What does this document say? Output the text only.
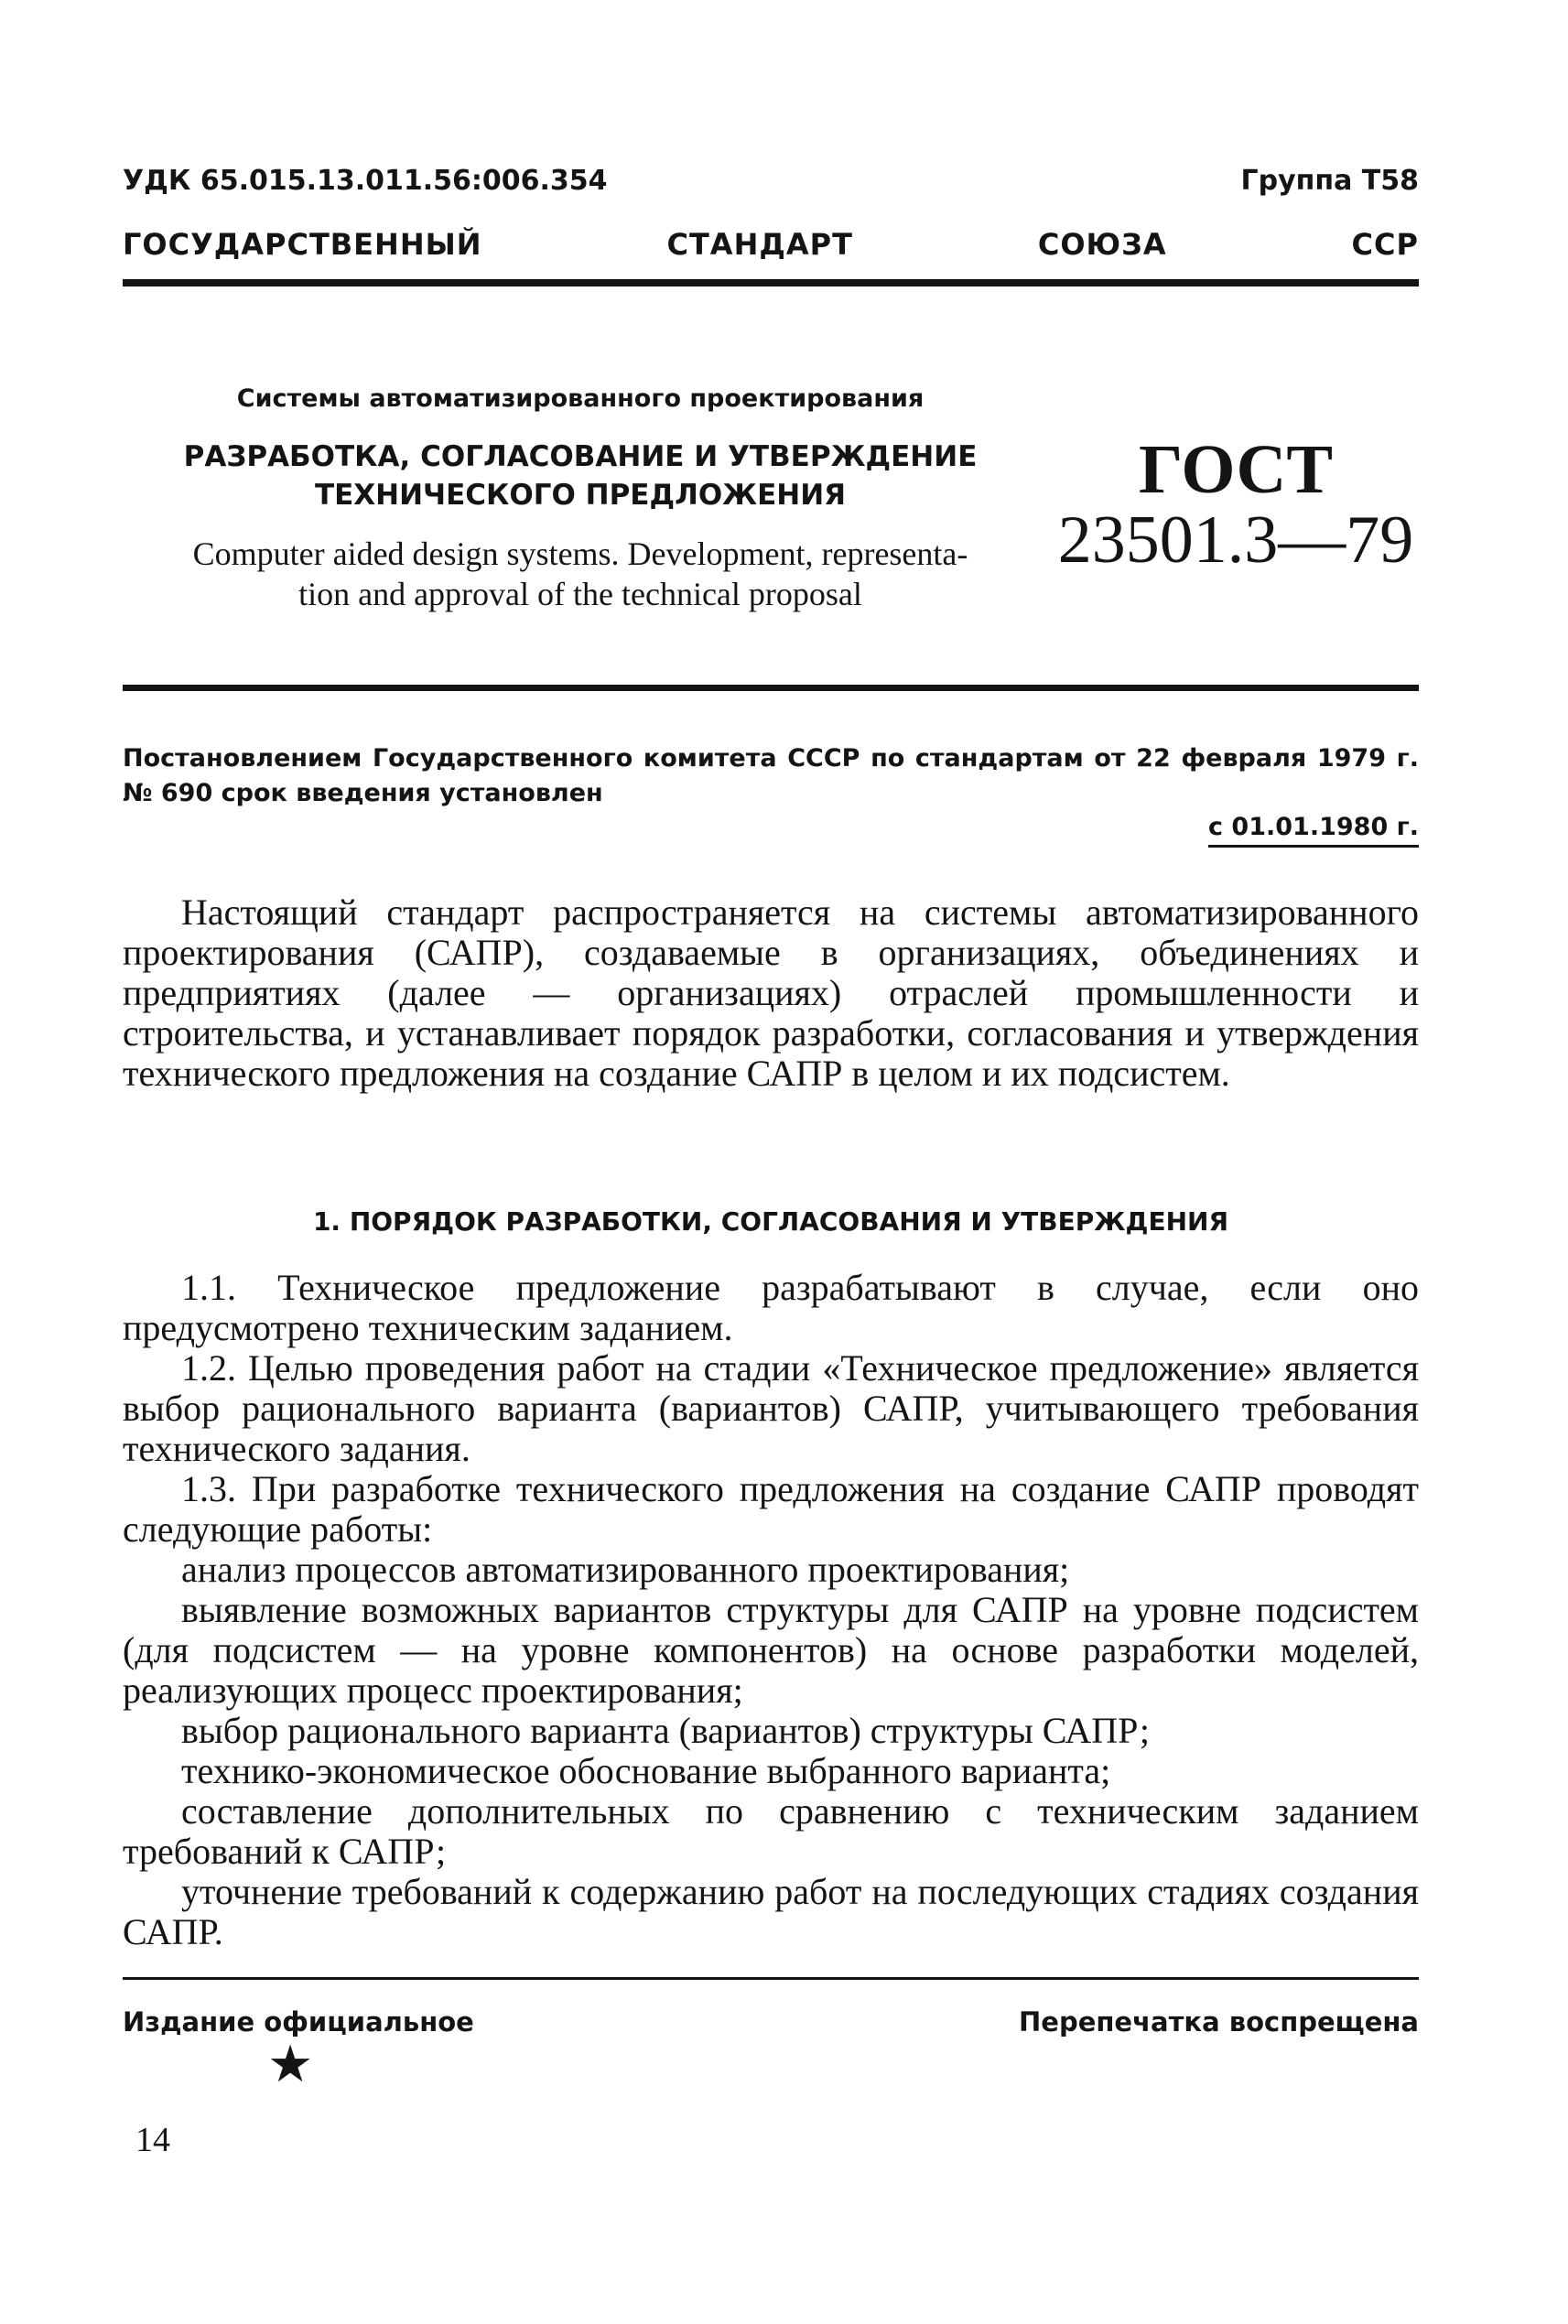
УДК 65.015.13.011.56:006.354	Группа Т58
ГОСУДАРСТВЕННЫЙ	СТАНДАРТ	СОЮЗА	ССР
Системы автоматизированного проектирования
РАЗРАБОТКА, СОГЛАСОВАНИЕ И УТВЕРЖДЕНИЕ
ТЕХНИЧЕСКОГО ПРЕДЛОЖЕНИЯ
Computer aided design systems. Development, representa-
tion and approval of the technical proposal
ГОСТ
23501.3—79
Постановлением Государственного комитета СССР по стандартам от 22 февраля 1979 г. № 690 срок введения установлен
с 01.01.1980 г.
Настоящий стандарт распространяется на системы автоматизированного проектирования (САПР), создаваемые в организациях, объединениях и предприятиях (далее — организациях) отраслей промышленности и строительства, и устанавливает порядок разработки, согласования и утверждения технического предложения на создание САПР в целом и их подсистем.
1. ПОРЯДОК РАЗРАБОТКИ, СОГЛАСОВАНИЯ И УТВЕРЖДЕНИЯ
1.1. Техническое предложение разрабатывают в случае, если оно предусмотрено техническим заданием.
1.2. Целью проведения работ на стадии «Техническое предложение» является выбор рационального варианта (вариантов) САПР, учитывающего требования технического задания.
1.3. При разработке технического предложения на создание САПР проводят следующие работы:
анализ процессов автоматизированного проектирования;
выявление возможных вариантов структуры для САПР на уровне подсистем (для подсистем — на уровне компонентов) на основе разработки моделей, реализующих процесс проектирования;
выбор рационального варианта (вариантов) структуры САПР;
технико-экономическое обоснование выбранного варианта;
составление дополнительных по сравнению с техническим заданием требований к САПР;
уточнение требований к содержанию работ на последующих стадиях создания САПР.
Издание официальное	Перепечатка воспрещена
★
14
